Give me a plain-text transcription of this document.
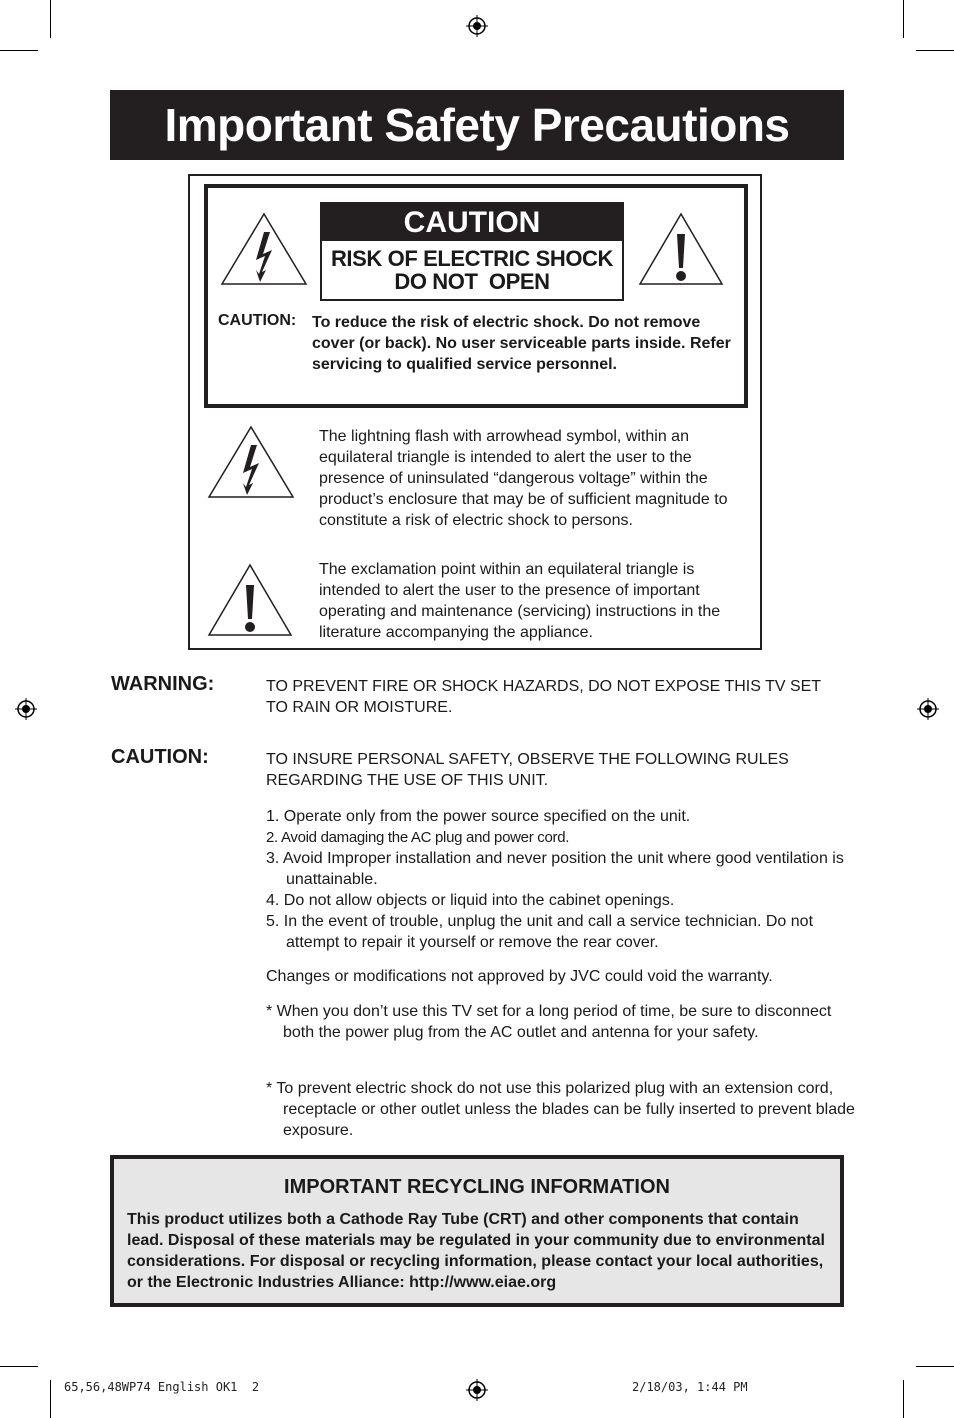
Important Safety Precautions
CAUTION
RISK OF ELECTRIC SHOCK
DO NOT  OPEN
CAUTION: To reduce the risk of electric shock. Do not remove cover (or back). No user serviceable parts inside. Refer servicing to qualified service personnel.
The lightning flash with arrowhead symbol, within an equilateral triangle is intended to alert the user to the presence of uninsulated “dangerous voltage” within the product’s enclosure that may be of sufficient magnitude to constitute a risk of electric shock to persons.
The exclamation point within an equilateral triangle is intended to alert the user to the presence of important operating and maintenance (servicing) instructions in the literature accompanying the appliance.
WARNING:	TO PREVENT FIRE OR SHOCK HAZARDS, DO NOT EXPOSE THIS TV SET TO RAIN OR MOISTURE.
CAUTION:	TO INSURE PERSONAL SAFETY, OBSERVE THE FOLLOWING RULES REGARDING THE USE OF THIS UNIT.
1. Operate only from the power source specified on the unit.
2. Avoid damaging the AC plug and power cord.
3. Avoid Improper installation and never position the unit where good ventilation is unattainable.
4. Do not allow objects or liquid into the cabinet openings.
5. In the event of trouble, unplug the unit and call a service technician. Do not attempt to repair it yourself or remove the rear cover.
Changes or modifications not approved by JVC could void the warranty.
* When you don’t use this TV set for a long period of time, be sure to disconnect both the power plug from the AC outlet and antenna for your safety.
* To prevent electric shock do not use this polarized plug with an extension cord, receptacle or other outlet unless the blades can be fully inserted to prevent blade exposure.
IMPORTANT RECYCLING INFORMATION
This product utilizes both a Cathode Ray Tube (CRT) and other components that contain lead. Disposal of these materials may be regulated in your community due to environmental considerations. For disposal or recycling information, please contact your local authorities, or the Electronic Industries Alliance: http://www.eiae.org
65,56,48WP74 English OK1  2	2/18/03, 1:44 PM
